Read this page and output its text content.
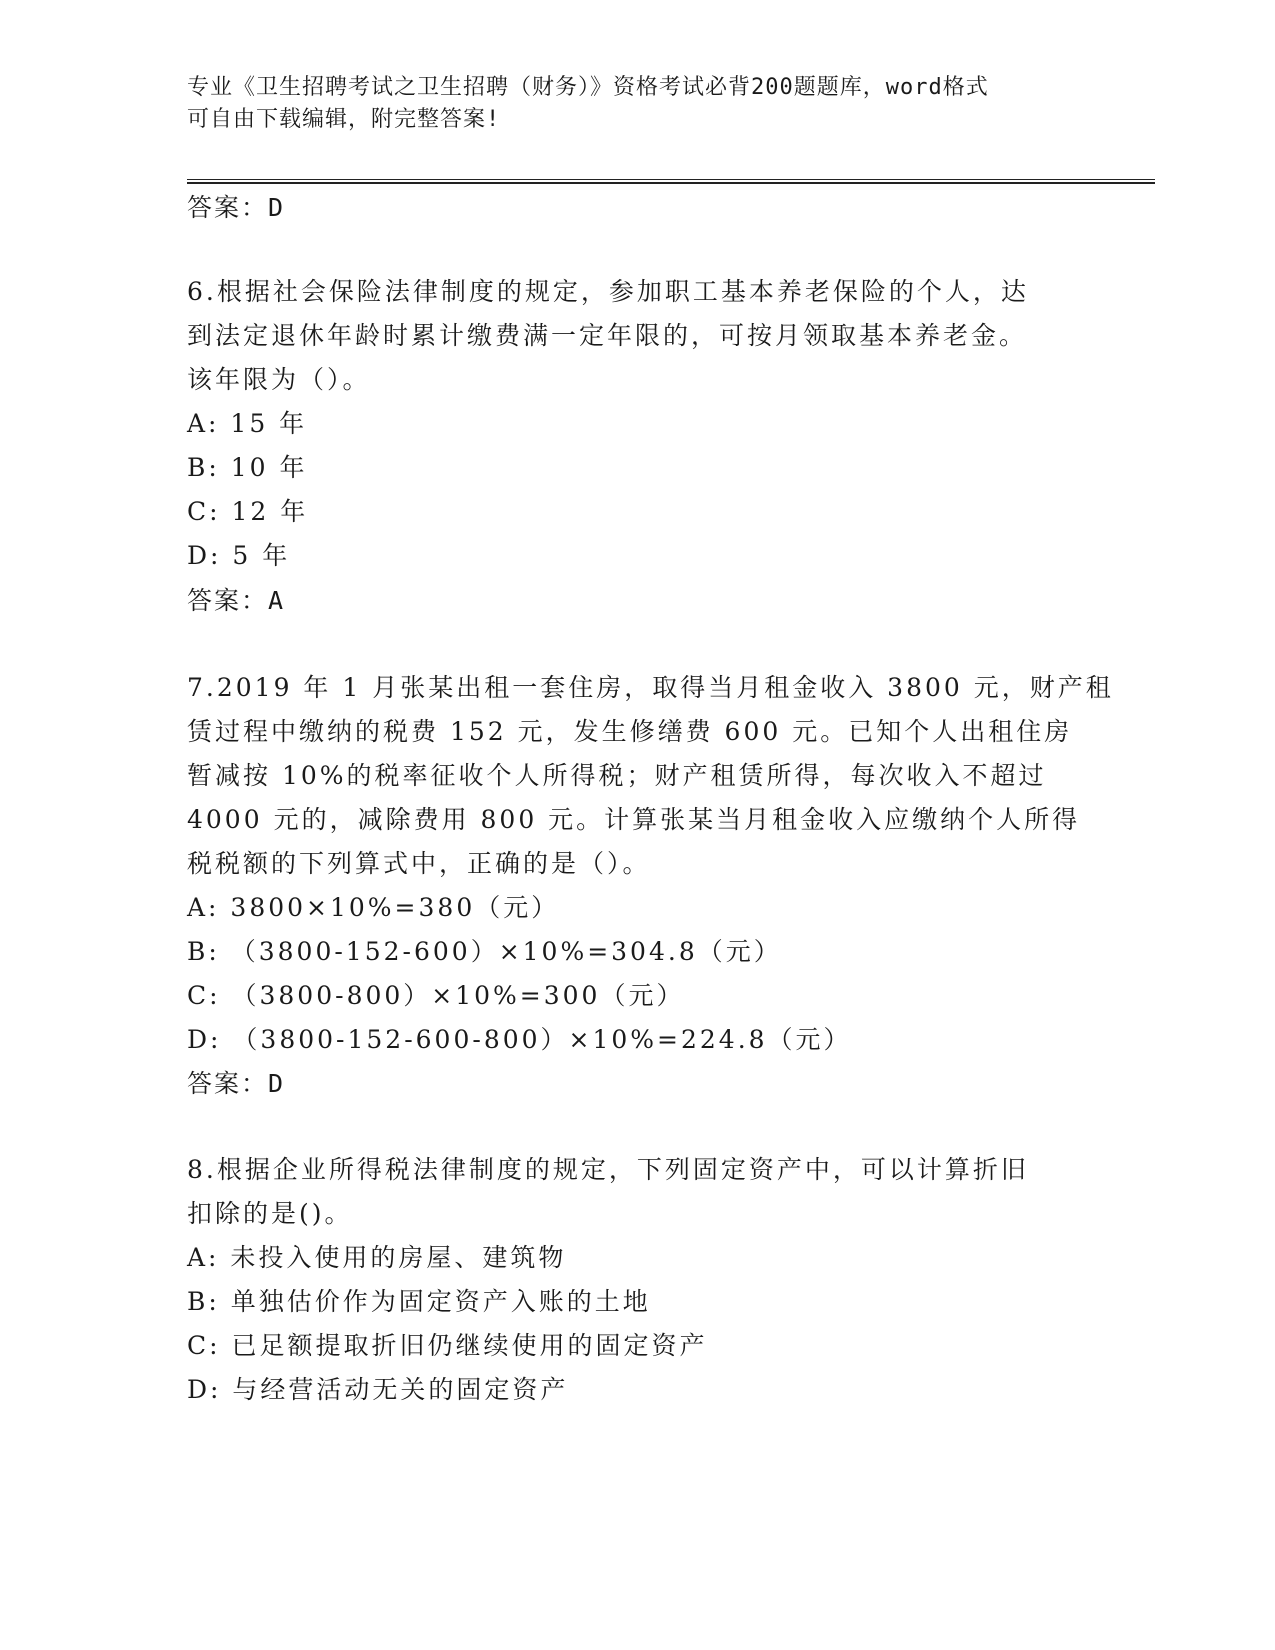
专业《卫生招聘考试之卫生招聘（财务）》资格考试必背200题题库，word格式
可自由下载编辑，附完整答案!
答案：D
6.根据社会保险法律制度的规定，参加职工基本养老保险的个人，达
到法定退休年龄时累计缴费满一定年限的，可按月领取基本养老金。
该年限为（）。
A: 15 年
B: 10 年
C: 12 年
D: 5 年
答案：A
7.2019 年 1 月张某出租一套住房，取得当月租金收入 3800 元，财产租
赁过程中缴纳的税费 152 元，发生修缮费 600 元。已知个人出租住房
暂减按 10%的税率征收个人所得税；财产租赁所得，每次收入不超过
4000 元的，减除费用 800 元。计算张某当月租金收入应缴纳个人所得
税税额的下列算式中，正确的是（）。
A: 3800×10%=380（元）
B: （3800-152-600）×10%=304.8（元）
C: （3800-800）×10%=300（元）
D: （3800-152-600-800）×10%=224.8（元）
答案：D
8.根据企业所得税法律制度的规定，下列固定资产中，可以计算折旧
扣除的是()。
A: 未投入使用的房屋、建筑物
B: 单独估价作为固定资产入账的土地
C: 已足额提取折旧仍继续使用的固定资产
D: 与经营活动无关的固定资产
